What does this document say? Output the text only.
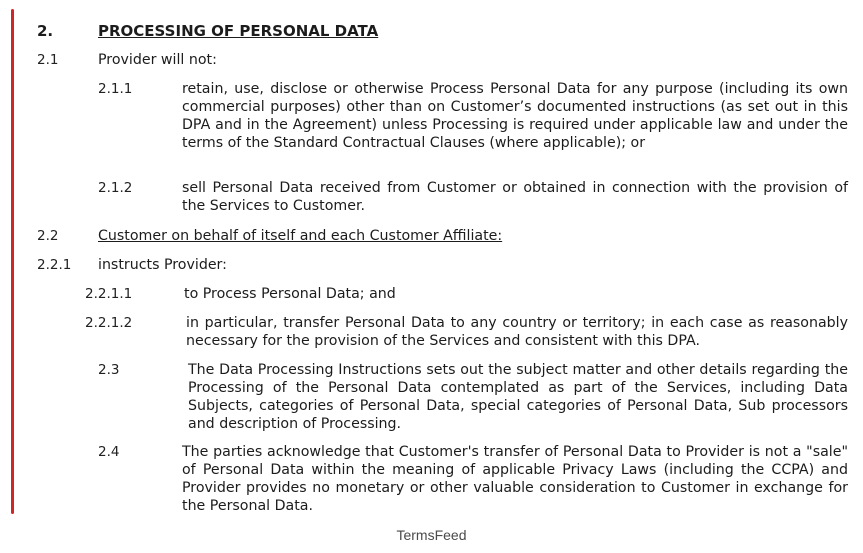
2.	PROCESSING OF PERSONAL DATA
2.1	Provider will not:
2.1.1	retain, use, disclose or otherwise Process Personal Data for any purpose (including its own commercial purposes) other than on Customer’s documented instructions (as set out in this DPA and in the Agreement) unless Processing is required under applicable law and under the terms of the Standard Contractual Clauses (where applicable); or
2.1.2	sell Personal Data received from Customer or obtained in connection with the provision of the Services to Customer.
2.2	Customer on behalf of itself and each Customer Affiliate:
2.2.1 instructs Provider:
2.2.1.1	to Process Personal Data; and
2.2.1.2	in particular, transfer Personal Data to any country or territory; in each case as reasonably necessary for the provision of the Services and consistent with this DPA.
2.3	The Data Processing Instructions sets out the subject matter and other details regarding the Processing of the Personal Data contemplated as part of the Services, including Data Subjects, categories of Personal Data, special categories of Personal Data, Sub processors and description of Processing.
2.4	The parties acknowledge that Customer's transfer of Personal Data to Provider is not a "sale" of Personal Data within the meaning of applicable Privacy Laws (including the CCPA) and Provider provides no monetary or other valuable consideration to Customer in exchange for the Personal Data.
TermsFeed
